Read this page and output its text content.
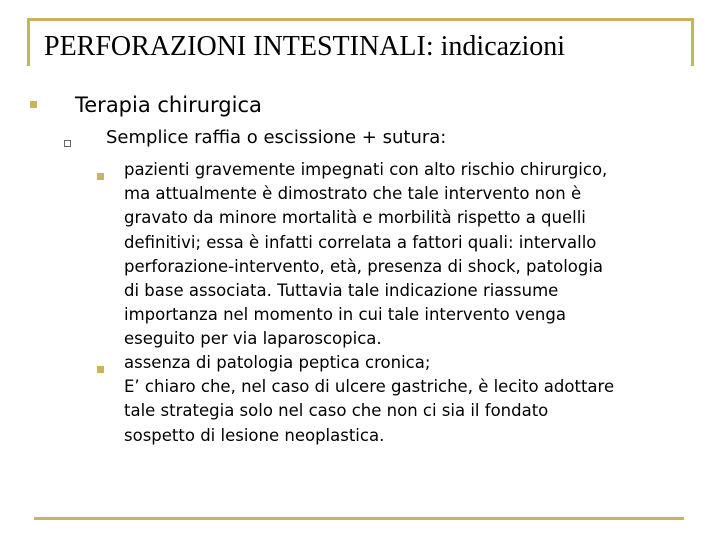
PERFORAZIONI INTESTINALI: indicazioni
Terapia chirurgica
Semplice raffia o escissione + sutura:
pazienti gravemente impegnati con alto rischio chirurgico,
ma attualmente è dimostrato che tale intervento non è
gravato da minore mortalità e morbilità rispetto a quelli
definitivi; essa è infatti correlata a fattori quali: intervallo
perforazione-intervento, età, presenza di shock, patologia
di base associata. Tuttavia tale indicazione riassume
importanza nel momento in cui tale intervento venga
eseguito per via laparoscopica.
assenza di patologia peptica cronica;
E’ chiaro che, nel caso di ulcere gastriche, è lecito adottare
tale strategia solo nel caso che non ci sia il fondato
sospetto di lesione neoplastica.
